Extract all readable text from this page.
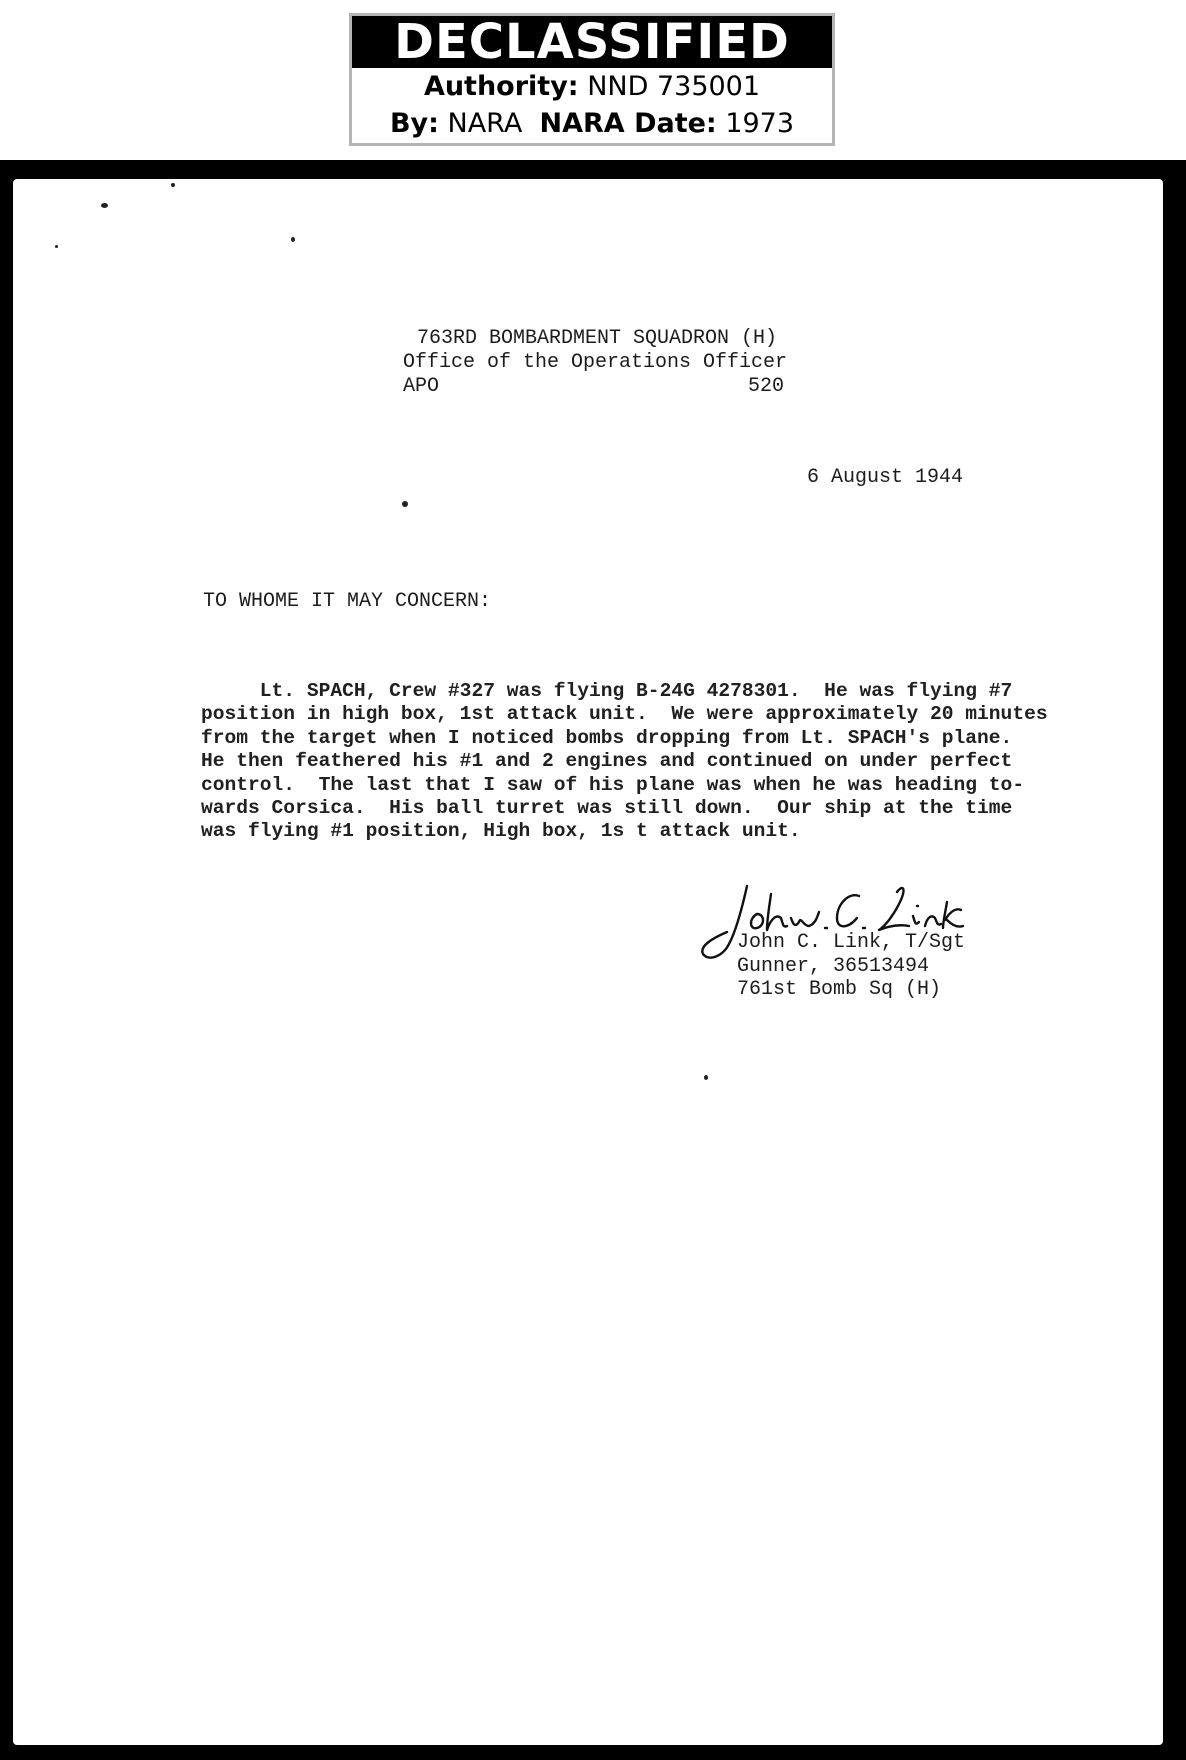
DECLASSIFIED
Authority: NND 735001
By: NARA NARA Date: 1973
763RD BOMBARDMENT SQUADRON (H)
Office of the Operations Officer
APO	520
6 August 1944
TO WHOME IT MAY CONCERN:

Lt. SPACH, Crew #327 was flying B-24G 4278301.  He was flying #7

position in high box, 1st attack unit.  We were approximately 20 minutes

from the target when I noticed bombs dropping from Lt. SPACH's plane.

He then feathered his #1 and 2 engines and continued on under perfect

control.  The last that I saw of his plane was when he was heading to-

wards Corsica.  His ball turret was still down.  Our ship at the time

was flying #1 position, High box, 1s t attack unit.

John C. Link, T/Sgt
Gunner, 36513494
761st Bomb Sq (H)
